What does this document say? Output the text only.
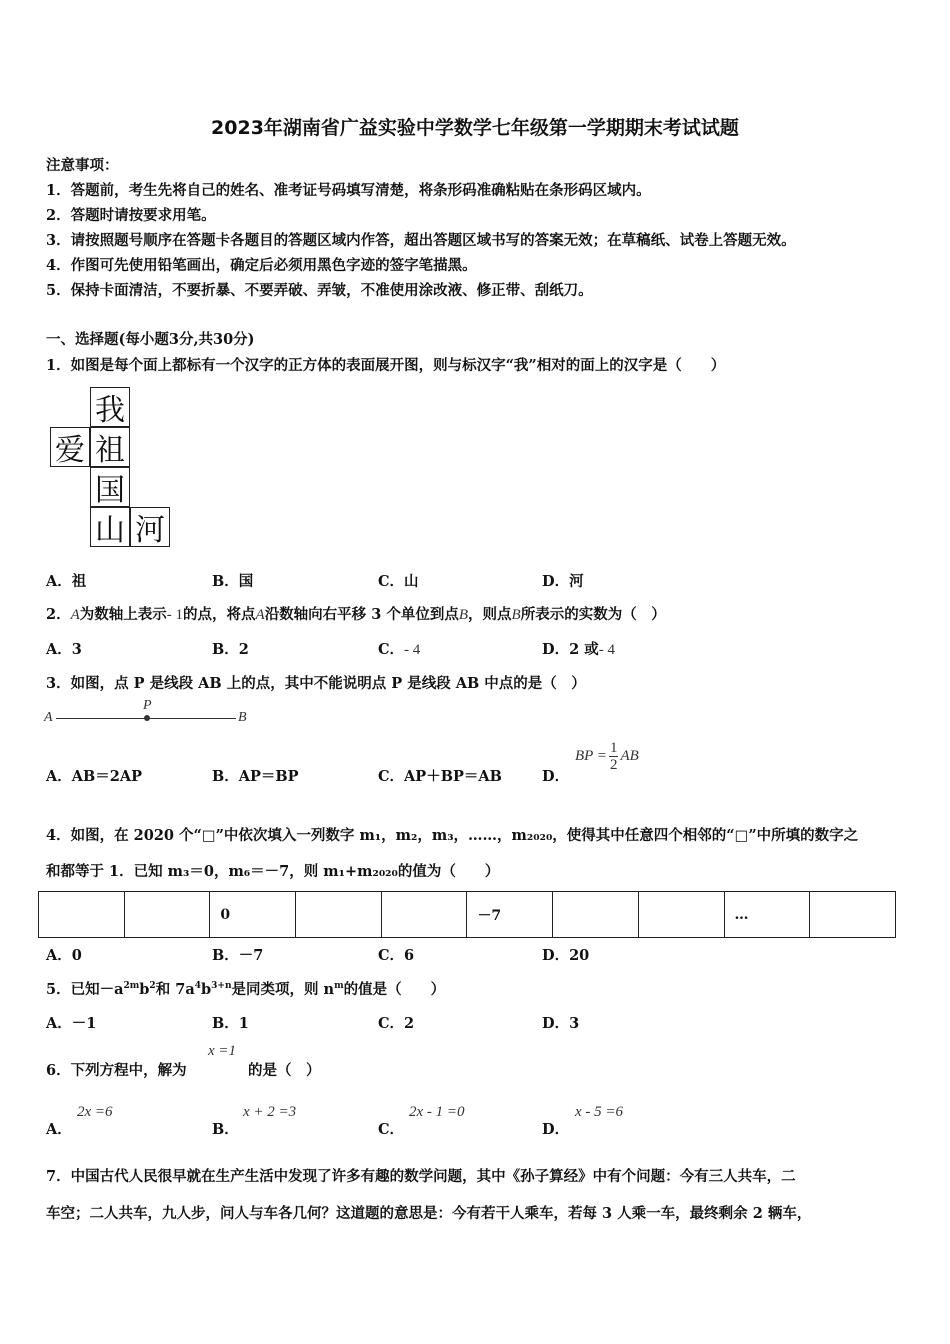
2023年湖南省广益实验中学数学七年级第一学期期末考试试题
注意事项：
1．答题前，考生先将自己的姓名、准考证号码填写清楚，将条形码准确粘贴在条形码区域内。
2．答题时请按要求用笔。
3．请按照题号顺序在答题卡各题目的答题区域内作答，超出答题区域书写的答案无效；在草稿纸、试卷上答题无效。
4．作图可先使用铅笔画出，确定后必须用黑色字迹的签字笔描黑。
5．保持卡面清洁，不要折暴、不要弄破、弄皱，不准使用涂改液、修正带、刮纸刀。
一、选择题(每小题3分,共30分)
1．如图是每个面上都标有一个汉字的正方体的表面展开图，则与标汉字“我”相对的面上的汉字是（　　）
我
爱 祖
国
山 河
A．祖	B．国	C．山	D．河
2．A为数轴上表示- 1的点，将点A沿数轴向右平移 3 个单位到点B，则点B所表示的实数为（　）
A．3	B．2	C．- 4	D．2 或- 4
3．如图，点 P 是线段 AB 上的点，其中不能说明点 P 是线段 AB 中点的是（　）
A
P
B
A．AB＝2AP	B．AP＝BP	C．AP＋BP＝AB	D．
BP = $\frac{1}{2}$ AB
4．如图，在 2020 个“□”中依次填入一列数字 m₁，m₂，m₃，……，m₂₀₂₀，使得其中任意四个相邻的“□”中所填的数字之
和都等于 1．已知 m₃＝0，m₆＝－7，则 m₁+m₂₀₂₀的值为（　　）
		0			－7			…	
A．0	B．－7	C．6	D．20
5．已知$-a^{2m}b^2$和 $7a^4b^{3+n}$是同类项，则 $n^m$的值是（　　）
A．－1	B．1	C．2	D．3
6．下列方程中，解为
x =1
的是（　）
A．
2x =6
B．
x + 2 =3
C．
2x - 1 =0
D．
x - 5 =6
7．中国古代人民很早就在生产生活中发现了许多有趣的数学问题，其中《孙子算经》中有个问题：今有三人共车，二
车空；二人共车，九人步，问人与车各几何？这道题的意思是：今有若干人乘车，若每 3 人乘一车，最终剩余 2 辆车，
